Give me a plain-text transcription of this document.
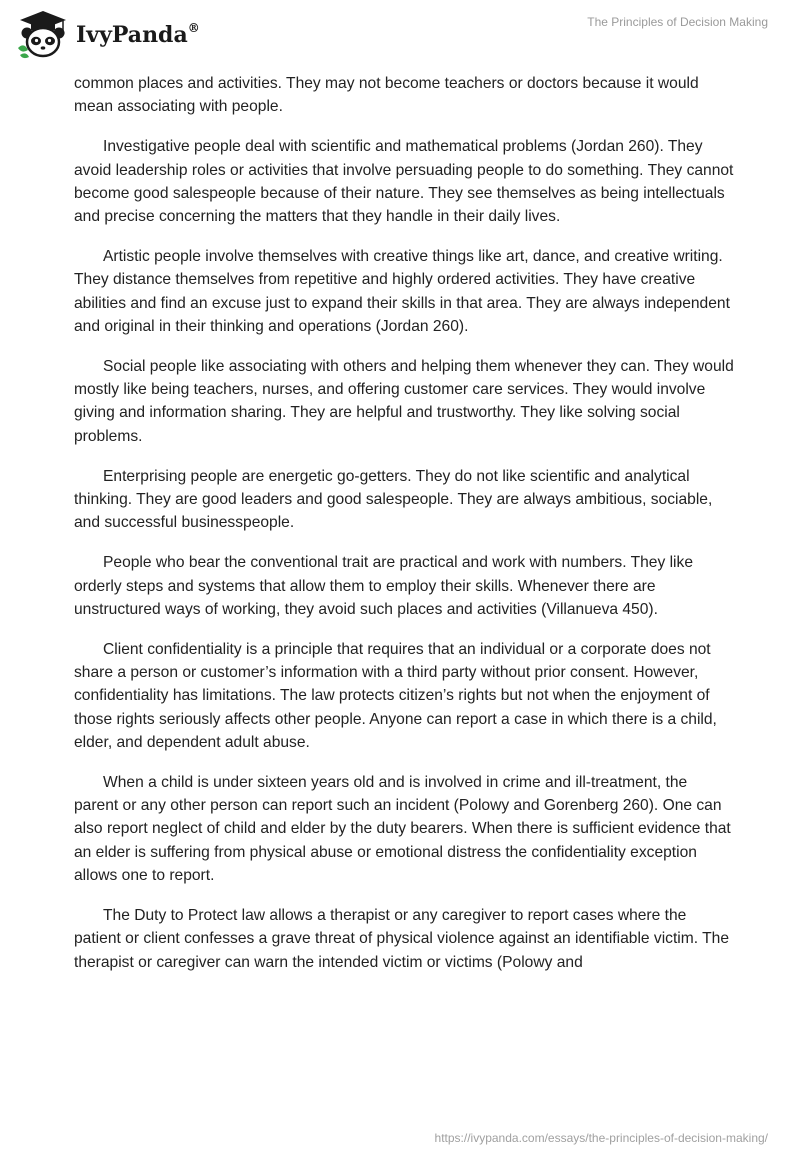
IvyPanda®	The Principles of Decision Making

common places and activities. They may not become teachers or doctors because it would mean associating with people.

Investigative people deal with scientific and mathematical problems (Jordan 260). They avoid leadership roles or activities that involve persuading people to do something. They cannot become good salespeople because of their nature. They see themselves as being intellectuals and precise concerning the matters that they handle in their daily lives.

Artistic people involve themselves with creative things like art, dance, and creative writing. They distance themselves from repetitive and highly ordered activities. They have creative abilities and find an excuse just to expand their skills in that area. They are always independent and original in their thinking and operations (Jordan 260).

Social people like associating with others and helping them whenever they can. They would mostly like being teachers, nurses, and offering customer care services. They would involve giving and information sharing. They are helpful and trustworthy. They like solving social problems.

Enterprising people are energetic go-getters. They do not like scientific and analytical thinking. They are good leaders and good salespeople. They are always ambitious, sociable, and successful businesspeople.

People who bear the conventional trait are practical and work with numbers. They like orderly steps and systems that allow them to employ their skills. Whenever there are unstructured ways of working, they avoid such places and activities (Villanueva 450).

Client confidentiality is a principle that requires that an individual or a corporate does not share a person or customer’s information with a third party without prior consent. However, confidentiality has limitations. The law protects citizen’s rights but not when the enjoyment of those rights seriously affects other people. Anyone can report a case in which there is a child, elder, and dependent adult abuse.

When a child is under sixteen years old and is involved in crime and ill-treatment, the parent or any other person can report such an incident (Polowy and Gorenberg 260). One can also report neglect of child and elder by the duty bearers. When there is sufficient evidence that an elder is suffering from physical abuse or emotional distress the confidentiality exception allows one to report.

The Duty to Protect law allows a therapist or any caregiver to report cases where the patient or client confesses a grave threat of physical violence against an identifiable victim. The therapist or caregiver can warn the intended victim or victims (Polowy and

https://ivypanda.com/essays/the-principles-of-decision-making/
